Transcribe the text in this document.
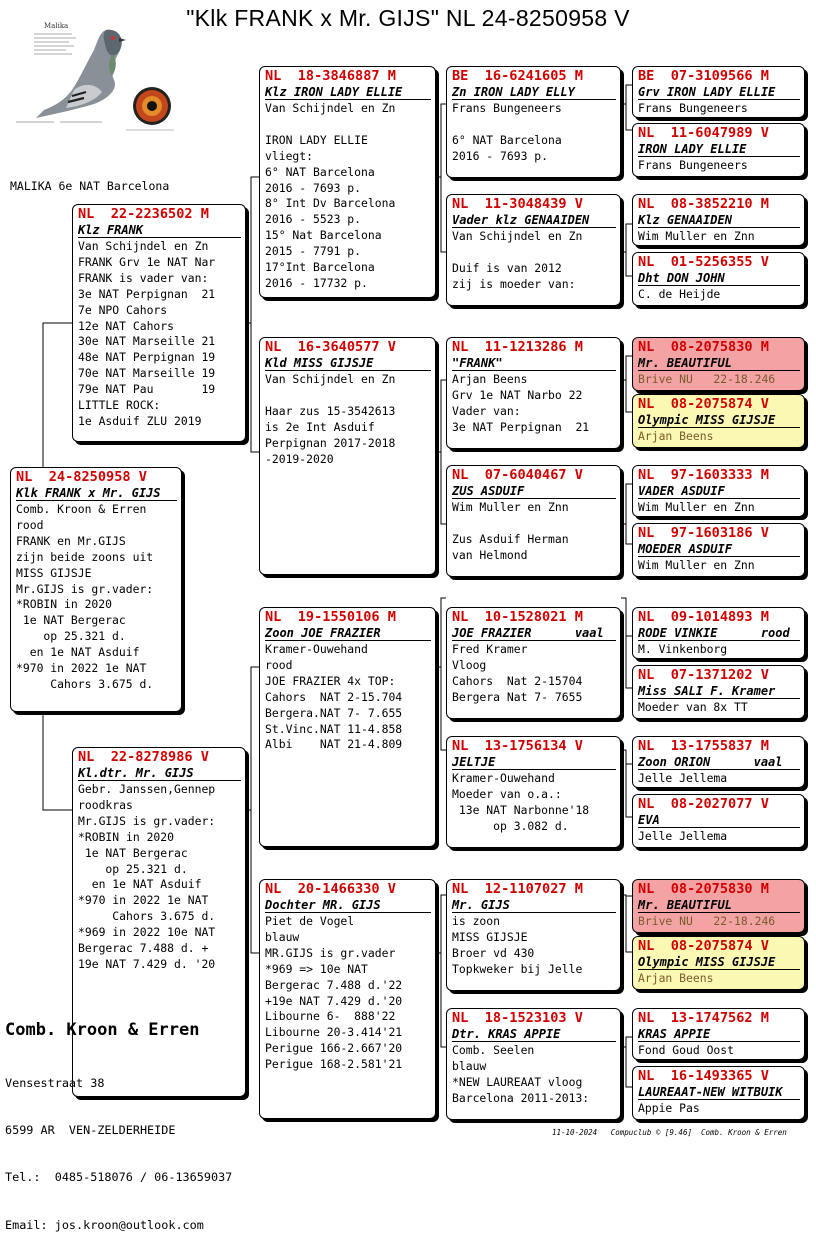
"Klk FRANK x Mr. GIJS" NL 24-8250958 V
Malika
MALIKA 6e NAT Barcelona
NL  24-8250958 V
Klk FRANK x Mr. GIJS
Comb. Kroon & Erren
rood
FRANK en Mr.GIJS
zijn beide zoons uit
MISS GIJSJE
Mr.GIJS is gr.vader:
*ROBIN in 2020
1e NAT Bergerac
op 25.321 d.
en 1e NAT Asduif
*970 in 2022 1e NAT
Cahors 3.675 d.
NL  22-2236502 M
Klz FRANK
Van Schijndel en Zn
FRANK Grv 1e NAT Nar
FRANK is vader van:
3e NAT Perpignan  21
7e NPO Cahors
12e NAT Cahors
30e NAT Marseille 21
48e NAT Perpignan 19
70e NAT Marseille 19
79e NAT Pau       19
LITTLE ROCK:
1e Asduif ZLU 2019
NL  22-8278986 V
Kl.dtr. Mr. GIJS
Gebr. Janssen,Gennep
roodkras
Mr.GIJS is gr.vader:
*ROBIN in 2020
1e NAT Bergerac
op 25.321 d.
en 1e NAT Asduif
*970 in 2022 1e NAT
Cahors 3.675 d.
*969 in 2022 10e NAT
Bergerac 7.488 d. +
19e NAT 7.429 d. '20
NL  18-3846887 M
Klz IRON LADY ELLIE
Van Schijndel en Zn
IRON LADY ELLIE
vliegt:
6° NAT Barcelona
2016 - 7693 p.
8° Int Dv Barcelona
2016 - 5523 p.
15° Nat Barcelona
2015 - 7791 p.
17°Int Barcelona
2016 - 17732 p.
NL  16-3640577 V
Kld MISS GIJSJE
Van Schijndel en Zn
Haar zus 15-3542613
is 2e Int Asduif
Perpignan 2017-2018
-2019-2020
NL  19-1550106 M
Zoon JOE FRAZIER
Kramer-Ouwehand
rood
JOE FRAZIER 4x TOP:
Cahors  NAT 2-15.704
Bergera.NAT 7- 7.655
St.Vinc.NAT 11-4.858
Albi    NAT 21-4.809
NL  20-1466330 V
Dochter MR. GIJS
Piet de Vogel
blauw
MR.GIJS is gr.vader
*969 => 10e NAT
Bergerac 7.488 d.'22
+19e NAT 7.429 d.'20
Libourne 6-  888'22
Libourne 20-3.414'21
Perigue 166-2.667'20
Perigue 168-2.581'21
BE  16-6241605 M
Zn IRON LADY ELLY
Frans Bungeneers
6° NAT Barcelona
2016 - 7693 p.
NL  11-3048439 V
Vader klz GENAAIDEN
Van Schijndel en Zn
Duif is van 2012
zij is moeder van:
NL  11-1213286 M
"FRANK"
Arjan Beens
Grv 1e NAT Narbo 22
Vader van:
3e NAT Perpignan  21
NL  07-6040467 V
ZUS ASDUIF
Wim Muller en Znn
Zus Asduif Herman
van Helmond
NL  10-1528021 M
JOE FRAZIER      vaal
Fred Kramer
Vloog
Cahors  Nat 2-15704
Bergera Nat 7- 7655
NL  13-1756134 V
JELTJE
Kramer-Ouwehand
Moeder van o.a.:
13e NAT Narbonne'18
op 3.082 d.
NL  12-1107027 M
Mr. GIJS
is zoon
MISS GIJSJE
Broer vd 430
Topkweker bij Jelle
NL  18-1523103 V
Dtr. KRAS APPIE
Comb. Seelen
blauw
*NEW LAUREAAT vloog
Barcelona 2011-2013:
BE  07-3109566 M
Grv IRON LADY ELLIE
Frans Bungeneers
NL  11-6047989 V
IRON LADY ELLIE
Frans Bungeneers
NL  08-3852210 M
Klz GENAAIDEN
Wim Muller en Znn
NL  01-5256355 V
Dht DON JOHN
C. de Heijde
NL  08-2075830 M
Mr. BEAUTIFUL
Brive NU   22-18.246
NL  08-2075874 V
Olympic MISS GIJSJE
Arjan Beens
NL  97-1603333 M
VADER ASDUIF
Wim Muller en Znn
NL  97-1603186 V
MOEDER ASDUIF
Wim Muller en Znn
NL  09-1014893 M
RODE VINKIE      rood
M. Vinkenborg
NL  07-1371202 V
Miss SALI F. Kramer
Moeder van 8x TT
NL  13-1755837 M
Zoon ORION      vaal
Jelle Jellema
NL  08-2027077 V
EVA
Jelle Jellema
NL  08-2075830 M
Mr. BEAUTIFUL
Brive NU   22-18.246
NL  08-2075874 V
Olympic MISS GIJSJE
Arjan Beens
NL  13-1747562 M
KRAS APPIE
Fond Goud Oost
NL  16-1493365 V
LAUREAAT-NEW WITBUIK
Appie Pas
Comb. Kroon & Erren

Vensestraat 38

6599 AR  VEN-ZELDERHEIDE

Tel.:  0485-518076 / 06-13659037

Email: jos.kroon@outlook.com

11-10-2024   Compuclub © [9.46]  Comb. Kroon & Erren
